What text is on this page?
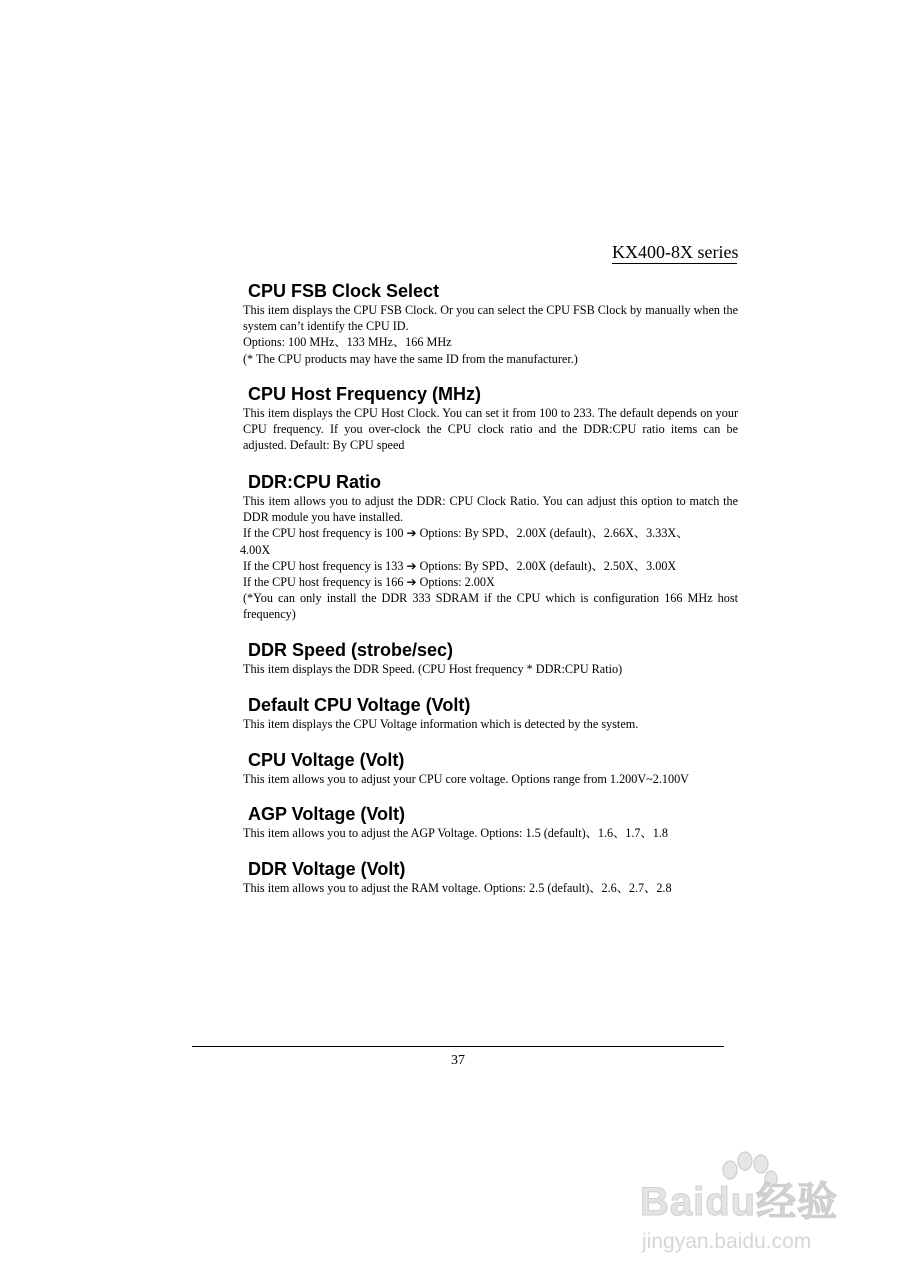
KX400-8X series
CPU FSB Clock Select

This item displays the CPU FSB Clock. Or you can select the CPU FSB Clock by manually when the system can’t identify the CPU ID.

Options: 100 MHz、133 MHz、166 MHz

(* The CPU products may have the same ID from the manufacturer.)

CPU Host Frequency (MHz)

This item displays the CPU Host Clock. You can set it from 100 to 233. The default depends on your CPU frequency. If you over-clock the CPU clock ratio and the DDR:CPU ratio items can be adjusted. Default: By CPU speed

DDR:CPU Ratio

This item allows you to adjust the DDR: CPU Clock Ratio. You can adjust this option to match the DDR module you have installed.

If the CPU host frequency is 100 ➔ Options: By SPD、2.00X (default)、2.66X、3.33X、

4.00X

If the CPU host frequency is 133 ➔ Options: By SPD、2.00X (default)、2.50X、3.00X

If the CPU host frequency is 166 ➔ Options: 2.00X

(*You can only install the DDR 333 SDRAM if the CPU which is configuration 166 MHz host frequency)

DDR Speed (strobe/sec)

This item displays the DDR Speed. (CPU Host frequency * DDR:CPU Ratio)

Default CPU Voltage (Volt)

This item displays the CPU Voltage information which is detected by the system.

CPU Voltage (Volt)

This item allows you to adjust your CPU core voltage. Options range from 1.200V~2.100V

AGP Voltage (Volt)

This item allows you to adjust the AGP Voltage. Options: 1.5 (default)、1.6、1.7、1.8

DDR Voltage (Volt)

This item allows you to adjust the RAM voltage. Options: 2.5 (default)、2.6、2.7、2.8

37
Baidu经验
jingyan.baidu.com
